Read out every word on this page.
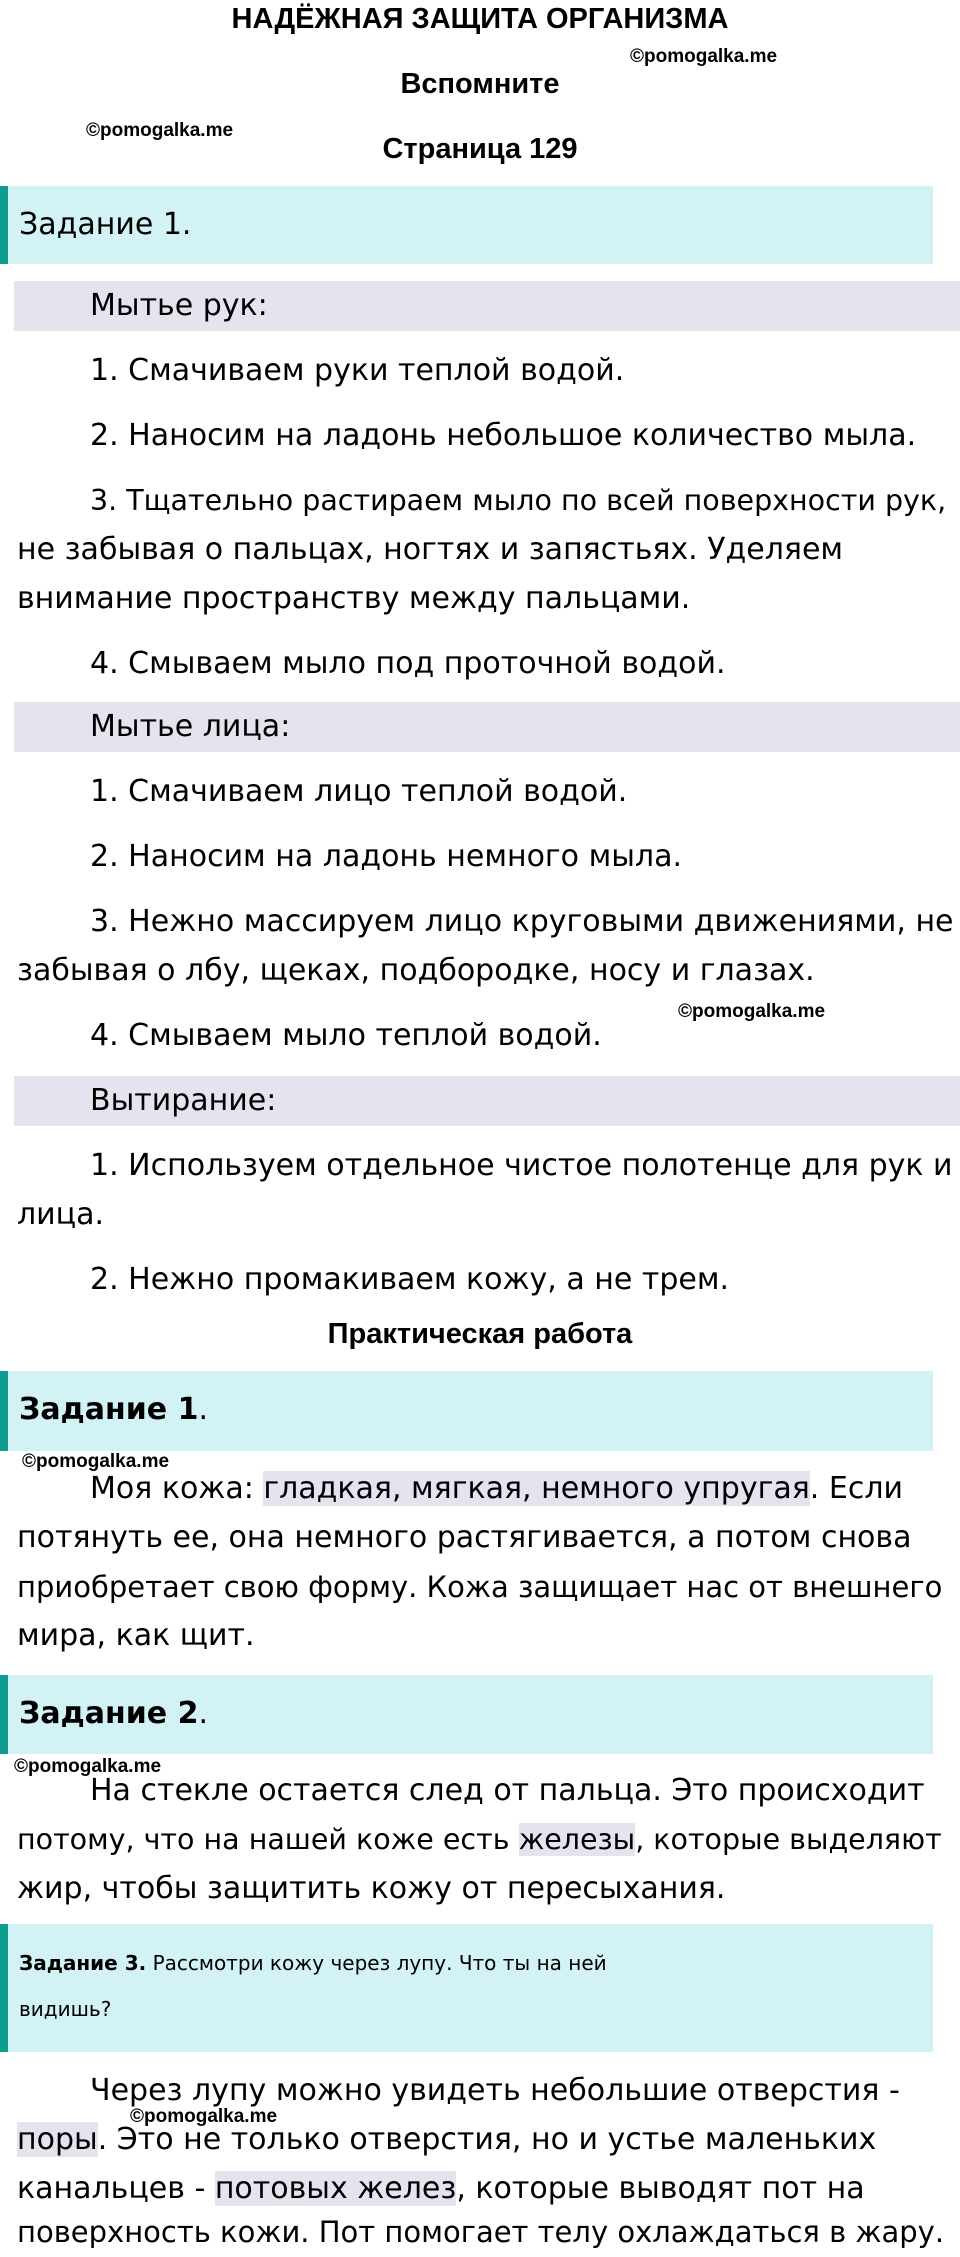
НАДЁЖНАЯ ЗАЩИТА ОРГАНИЗМА
©pomogalka.me
Вспомните
©pomogalka.me
Страница 129
Задание 1.
Мытье рук:
1. Смачиваем руки теплой водой.
2. Наносим на ладонь небольшое количество мыла.
3. Тщательно растираем мыло по всей поверхности рук,
не забывая о пальцах, ногтях и запястьях. Уделяем
внимание пространству между пальцами.
4. Смываем мыло под проточной водой.
Мытье лица:
1. Смачиваем лицо теплой водой.
2. Наносим на ладонь немного мыла.
3. Нежно массируем лицо круговыми движениями, не
забывая о лбу, щеках, подбородке, носу и глазах.
©pomogalka.me
4. Смываем мыло теплой водой.
Вытирание:
1. Используем отдельное чистое полотенце для рук и
лица.
2. Нежно промакиваем кожу, а не трем.
Практическая работа
Задание 1.
©pomogalka.me
Моя кожа: гладкая, мягкая, немного упругая. Если
потянуть ее, она немного растягивается, а потом снова
приобретает свою форму. Кожа защищает нас от внешнего
мира, как щит.
Задание 2.
©pomogalka.me
На стекле остается след от пальца. Это происходит
потому, что на нашей коже есть железы, которые выделяют
жир, чтобы защитить кожу от пересыхания.
Задание 3. Рассмотри кожу через лупу. Что ты на ней
видишь?
Через лупу можно увидеть небольшие отверстия -
©pomogalka.me
поры. Это не только отверстия, но и устье маленьких
канальцев - потовых желез, которые выводят пот на
поверхность кожи. Пот помогает телу охлаждаться в жару.
